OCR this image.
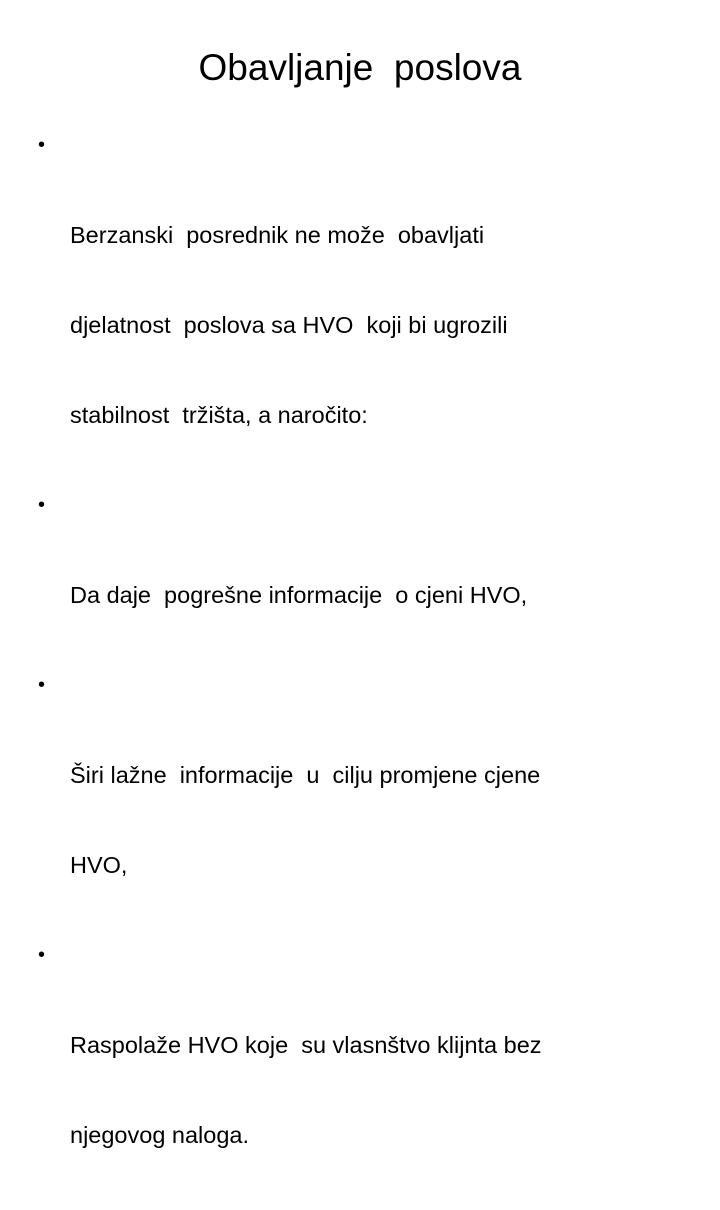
Obavljanje  poslova

•

Berzanski  posrednik ne može  obavljati

djelatnost  poslova sa HVO  koji bi ugrozili

stabilnost  tržišta, a naročito:

•

Da daje  pogrešne informacije  o cjeni HVO,

•

Širi lažne  informacije  u  cilju promjene cjene

HVO,

•

Raspolaže HVO koje  su vlasnštvo klijnta bez

njegovog naloga.
